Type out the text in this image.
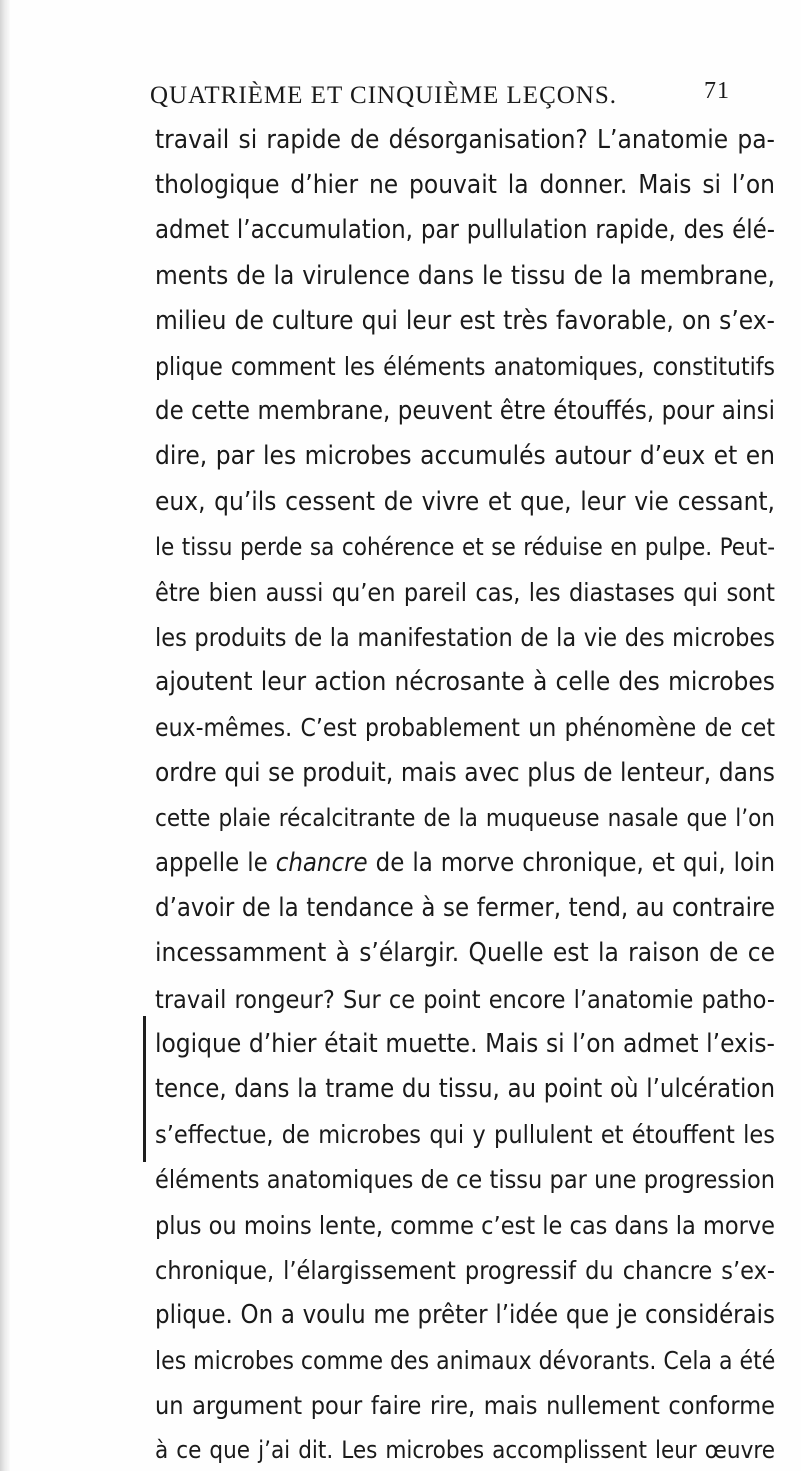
QUATRIÈME ET CINQUIÈME LEÇONS.	71
travail si rapide de désorganisation? L’anatomie pa-
thologique d’hier ne pouvait la donner. Mais si l’on
admet l’accumulation, par pullulation rapide, des élé-
ments de la virulence dans le tissu de la membrane,
milieu de culture qui leur est très favorable, on s’ex-
plique comment les éléments anatomiques, constitutifs
de cette membrane, peuvent être étouffés, pour ainsi
dire, par les microbes accumulés autour d’eux et en
eux, qu’ils cessent de vivre et que, leur vie cessant,
le tissu perde sa cohérence et se réduise en pulpe. Peut-
être bien aussi qu’en pareil cas, les diastases qui sont
les produits de la manifestation de la vie des microbes
ajoutent leur action nécrosante à celle des microbes
eux-mêmes. C’est probablement un phénomène de cet
ordre qui se produit, mais avec plus de lenteur, dans
cette plaie récalcitrante de la muqueuse nasale que l’on
appelle le chancre de la morve chronique, et qui, loin
d’avoir de la tendance à se fermer, tend, au contraire
incessamment à s’élargir. Quelle est la raison de ce
travail rongeur? Sur ce point encore l’anatomie patho-
logique d’hier était muette. Mais si l’on admet l’exis-
tence, dans la trame du tissu, au point où l’ulcération
s’effectue, de microbes qui y pullulent et étouffent les
éléments anatomiques de ce tissu par une progression
plus ou moins lente, comme c’est le cas dans la morve
chronique, l’élargissement progressif du chancre s’ex-
plique. On a voulu me prêter l’idée que je considérais
les microbes comme des animaux dévorants. Cela a été
un argument pour faire rire, mais nullement conforme
à ce que j’ai dit. Les microbes accomplissent leur œuvre
